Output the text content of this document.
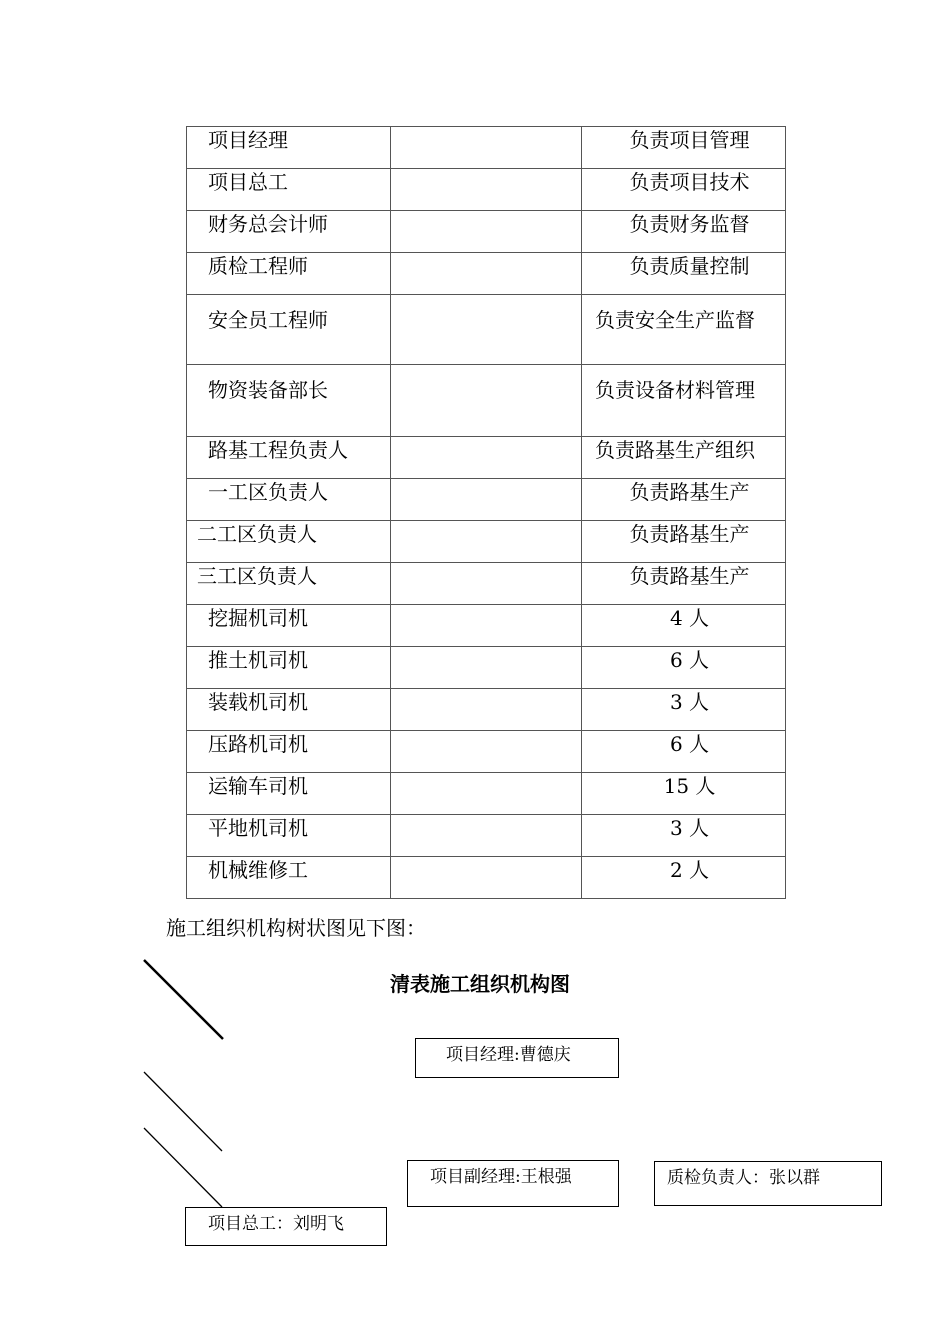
项目经理		负责项目管理

项目总工		负责项目技术

财务总会计师		负责财务监督

质检工程师		负责质量控制

安全员工程师		负责安全生产监督

物资装备部长		负责设备材料管理

路基工程负责人		负责路基生产组织

一工区负责人		负责路基生产

二工区负责人		负责路基生产

三工区负责人		负责路基生产

挖掘机司机		4 人

推土机司机		6 人

装载机司机		3 人

压路机司机		6 人

运输车司机		15 人

平地机司机		3 人

机械维修工		2 人

施工组织机构树状图见下图：

清表施工组织机构图

项目经理:曹德庆
项目副经理:王根强	质检负责人：张以群
项目总工：刘明飞
